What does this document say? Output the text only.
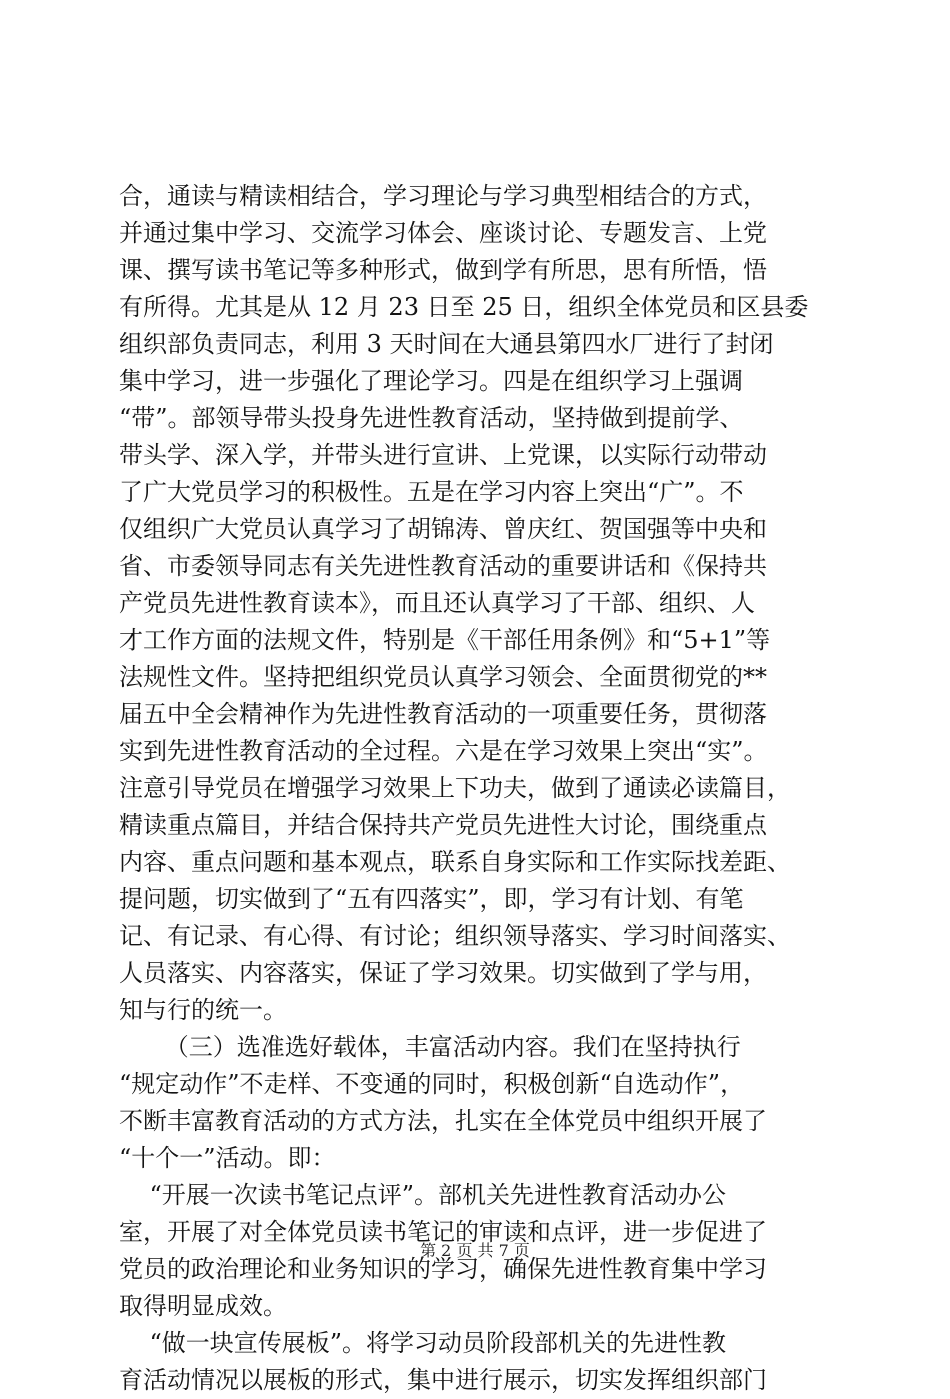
合，通读与精读相结合，学习理论与学习典型相结合的方式，
并通过集中学习、交流学习体会、座谈讨论、专题发言、上党
课、撰写读书笔记等多种形式，做到学有所思，思有所悟，悟
有所得。尤其是从 12 月 23 日至 25 日，组织全体党员和区县委
组织部负责同志，利用 3 天时间在大通县第四水厂进行了封闭
集中学习，进一步强化了理论学习。四是在组织学习上强调
“带”。部领导带头投身先进性教育活动，坚持做到提前学、
带头学、深入学，并带头进行宣讲、上党课，以实际行动带动
了广大党员学习的积极性。五是在学习内容上突出“广”。不
仅组织广大党员认真学习了胡锦涛、曾庆红、贺国强等中央和
省、市委领导同志有关先进性教育活动的重要讲话和《保持共
产党员先进性教育读本》，而且还认真学习了干部、组织、人
才工作方面的法规文件，特别是《干部任用条例》和“5+1”等
法规性文件。坚持把组织党员认真学习领会、全面贯彻党的**
届五中全会精神作为先进性教育活动的一项重要任务，贯彻落
实到先进性教育活动的全过程。六是在学习效果上突出“实”。
注意引导党员在增强学习效果上下功夫，做到了通读必读篇目，
精读重点篇目，并结合保持共产党员先进性大讨论，围绕重点
内容、重点问题和基本观点，联系自身实际和工作实际找差距、
提问题，切实做到了“五有四落实”，即，学习有计划、有笔
记、有记录、有心得、有讨论；组织领导落实、学习时间落实、
人员落实、内容落实，保证了学习效果。切实做到了学与用，
知与行的统一。
（三）选准选好载体，丰富活动内容。我们在坚持执行
“规定动作”不走样、不变通的同时，积极创新“自选动作”，
不断丰富教育活动的方式方法，扎实在全体党员中组织开展了
“十个一”活动。即：
“开展一次读书笔记点评”。部机关先进性教育活动办公
室，开展了对全体党员读书笔记的审读和点评，进一步促进了
党员的政治理论和业务知识的学习，确保先进性教育集中学习
取得明显成效。
“做一块宣传展板”。将学习动员阶段部机关的先进性教
育活动情况以展板的形式，集中进行展示，切实发挥组织部门
第 2 页 共 7 页
